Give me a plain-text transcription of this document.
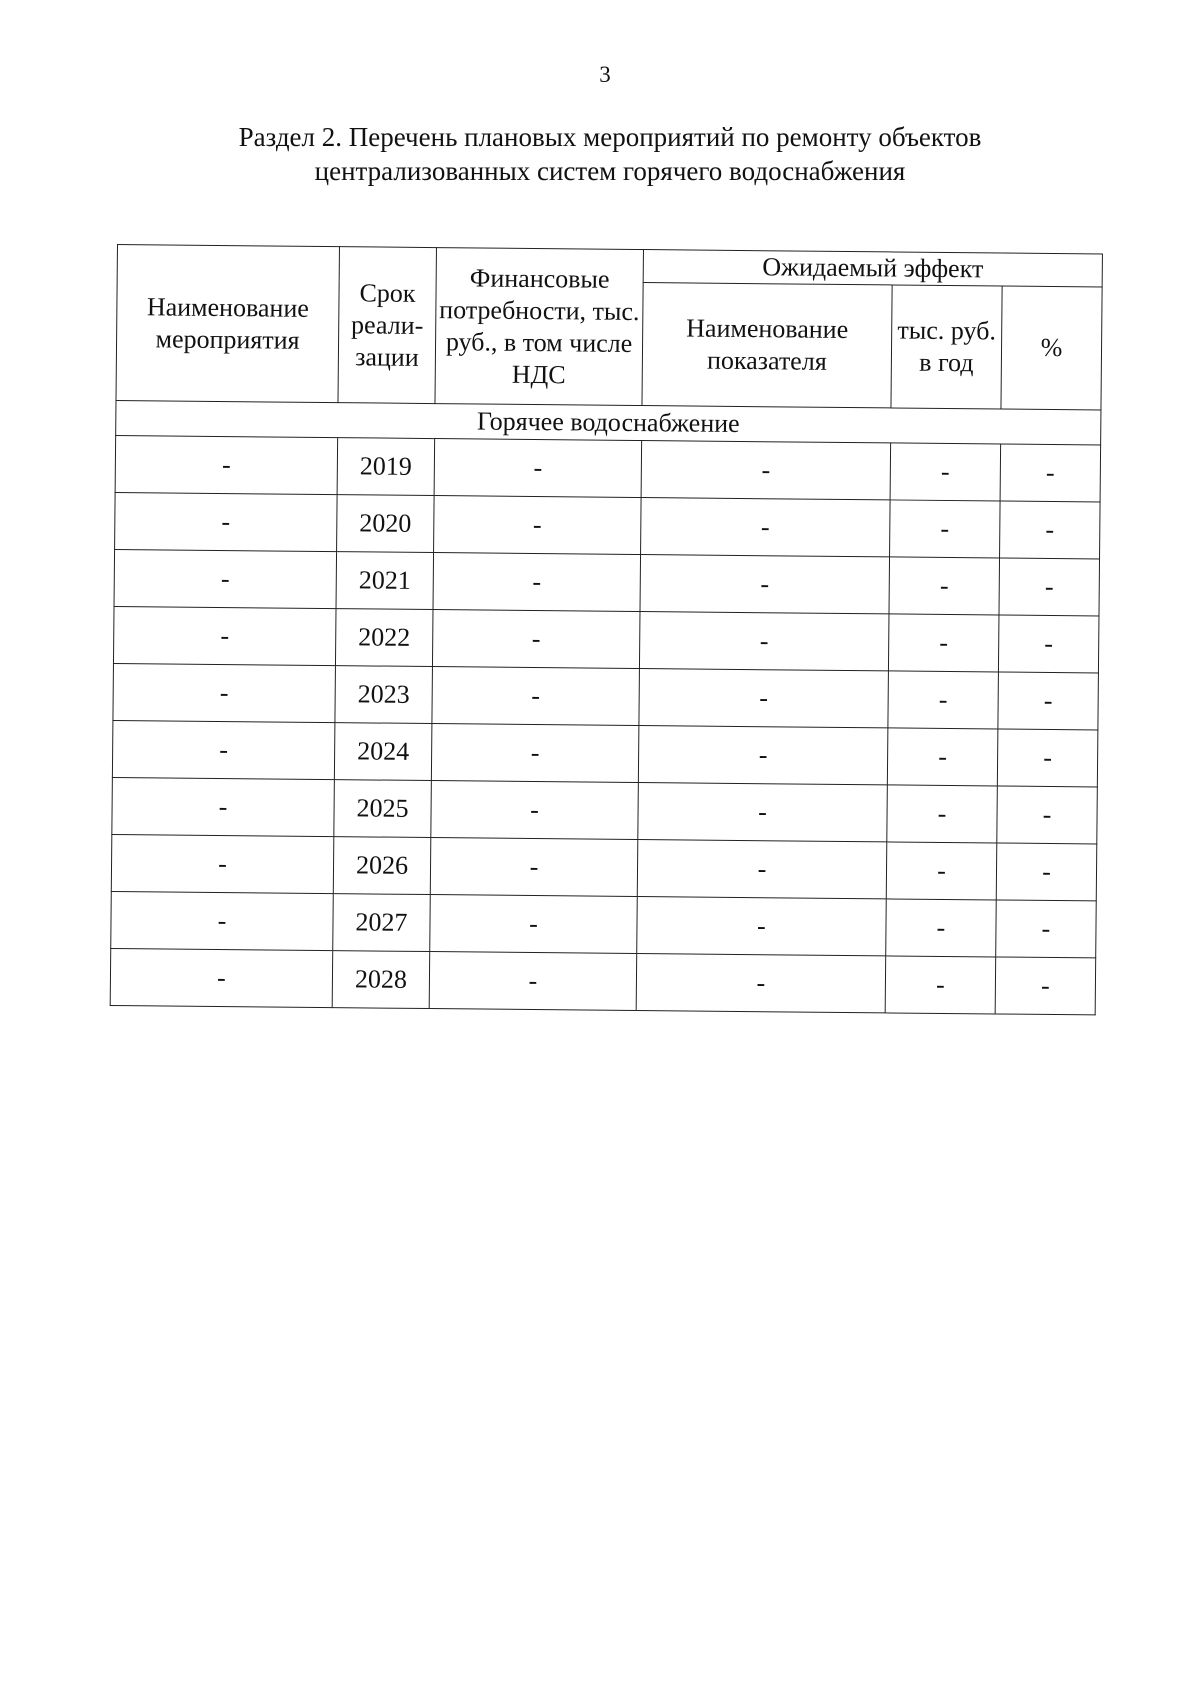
3
Раздел 2. Перечень плановых мероприятий по ремонту объектов
централизованных систем горячего водоснабжения
Наименование мероприятия	Срок реали-зации	Финансовые потребности, тыс. руб., в том числе НДС	Ожидаемый эффект		
			Наименование показателя	тыс. руб. в год	%
Горячее водоснабжение					
-	2019	-	-	-	-
-	2020	-	-	-	-
-	2021	-	-	-	-
-	2022	-	-	-	-
-	2023	-	-	-	-
-	2024	-	-	-	-
-	2025	-	-	-	-
-	2026	-	-	-	-
-	2027	-	-	-	-
-	2028	-	-	-	-
